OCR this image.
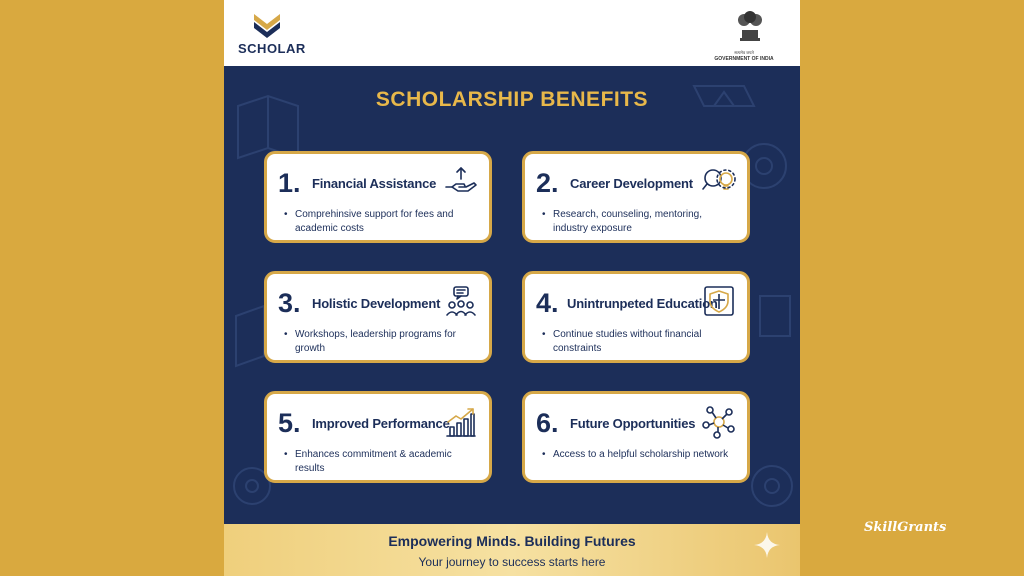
SCHOLAR	सत्यमेव जयते
GOVERNMENT OF INDIA
SCHOLARSHIP BENEFITS
1. Financial Assistance
• Comprehinsive support for fees and academic costs
2. Career Development
• Research, counseling, mentoring, industry exposure
3. Holistic Development
• Workshops, leadership programs for growth
4. Unintrunpeted Education
• Continue studies without financial constraints
5. Improved Performance
• Enhances commitment & academic results
6. Future Opportunities
• Access to a helpful scholarship network
Empowering Minds. Building Futures
Your journey to success starts here
SkillGrants
